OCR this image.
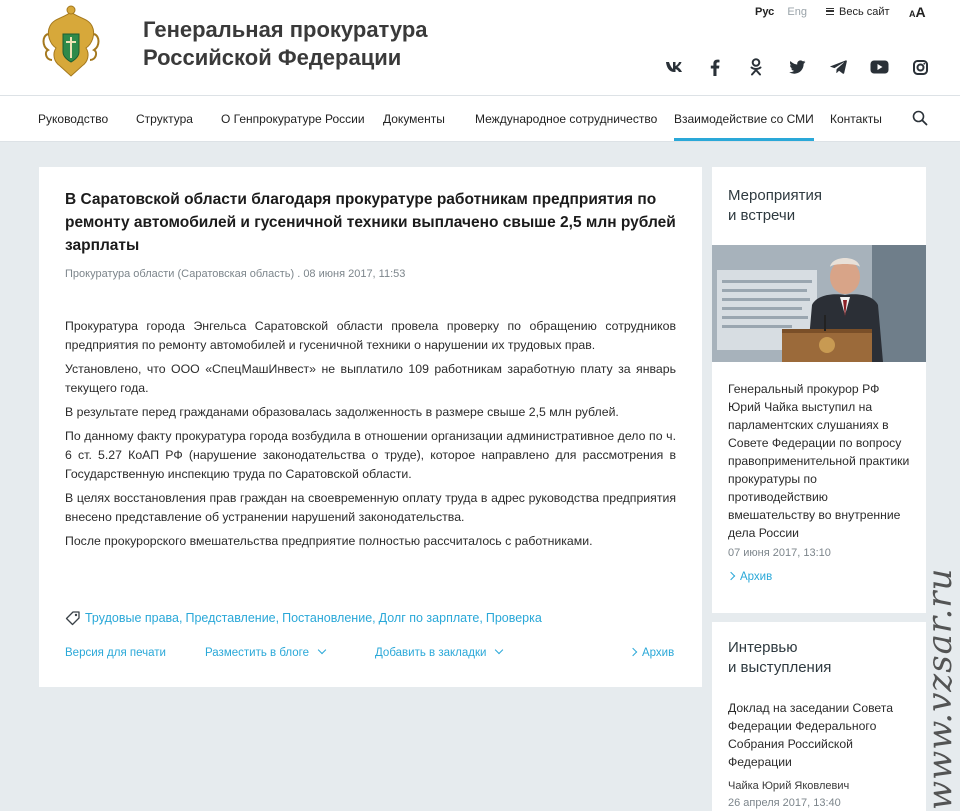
Генеральная прокуратура
Российской Федерации
Рус Eng	Весь сайт AA
Руководство Структура О Генпрокуратуре России Документы	Международное сотрудничество Взаимодействие со СМИ Контакты
В Саратовской области благодаря прокуратуре работникам предприятия по ремонту автомобилей и гусеничной техники выплачено свыше 2,5 млн рублей зарплаты
Прокуратура области (Саратовская область) . 08 июня 2017, 11:53

Прокуратура города Энгельса Саратовской области провела проверку по обращению сотрудников предприятия по ремонту автомобилей и гусеничной техники о нарушении их трудовых прав.

Установлено, что ООО «СпецМашИнвест» не выплатило 109 работникам заработную плату за январь текущего года.

В результате перед гражданами образовалась задолженность в размере свыше 2,5 млн рублей.

По данному факту прокуратура города возбудила в отношении организации административное дело по ч. 6 ст. 5.27 КоАП РФ (нарушение законодательства о труде), которое направлено для рассмотрения в Государственную инспекцию труда по Саратовской области.

В целях восстановления прав граждан на своевременную оплату труда в адрес руководства предприятия внесено представление об устранении нарушений законодательства.

После прокурорского вмешательства предприятие полностью рассчиталось с работниками.

Трудовые права , Представление , Постановление , Долг по зарплате , Проверка
Версия для печати	Разместить в блоге	Добавить в закладки	Архив
Мероприятия
и встречи
Генеральный прокурор РФ Юрий Чайка выступил на парламентских слушаниях в Совете Федерации по вопросу правоприменительной практики прокуратуры по противодействию вмешательству во внутренние дела России
07 июня 2017, 13:10
Архив
Интервью
и выступления
Доклад на заседании Совета Федерации Федерального Собрания Российской Федерации
Чайка Юрий Яковлевич
26 апреля 2017, 13:40 www.vzsar.ru
